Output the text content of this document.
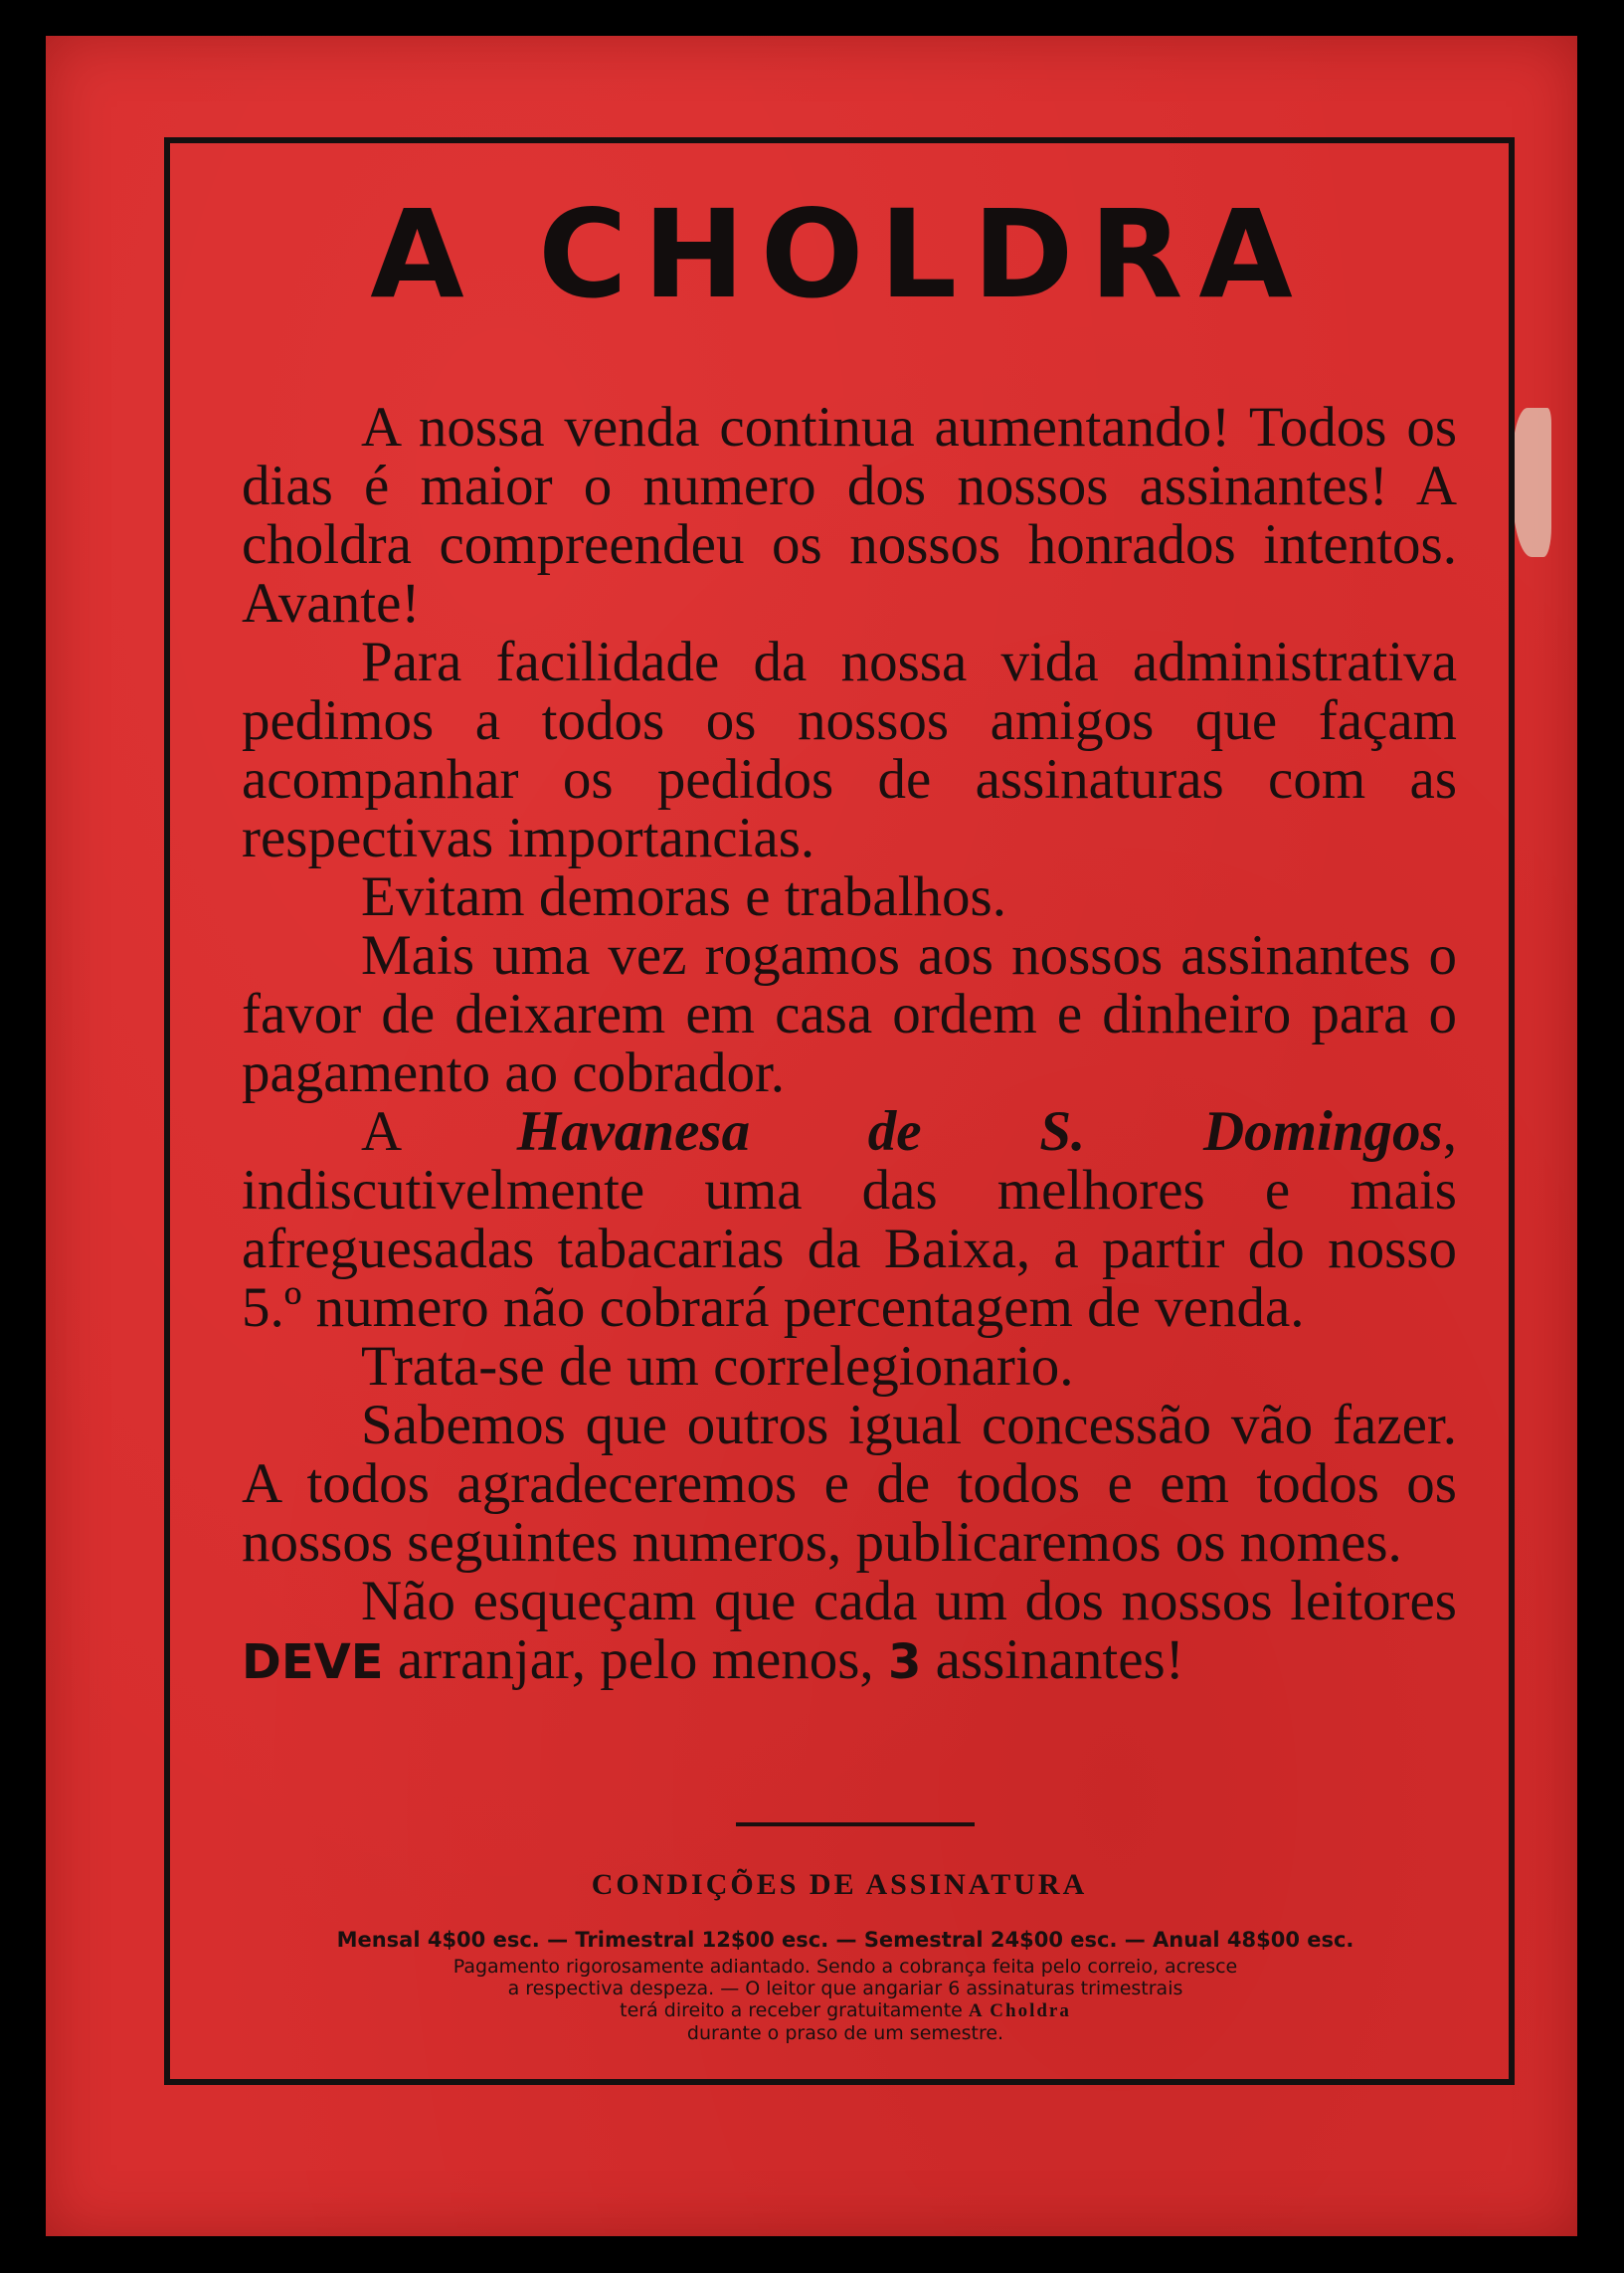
A CHOLDRA

A nossa venda continua aumentando! Todos os dias é maior o numero dos nossos assinantes! A choldra compreendeu os nossos honrados intentos. Avante!

Para facilidade da nossa vida administrativa pedimos a todos os nossos amigos que façam acompanhar os pedidos de assinaturas com as respectivas importancias.

Evitam demoras e trabalhos.

Mais uma vez rogamos aos nossos assinantes o favor de deixarem em casa ordem e dinheiro para o pagamento ao cobrador.

A Havanesa de S. Domingos, indiscutivelmente uma das melhores e mais afreguesadas tabacarias da Baixa, a partir do nosso 5.º numero não cobrará percentagem de venda.

Trata-se de um correlegionario.

Sabemos que outros igual concessão vão fazer. A todos agradeceremos e de todos e em todos os nossos seguintes numeros, publicaremos os nomes.

Não esqueçam que cada um dos nossos leitores DEVE arranjar, pelo menos, 3 assinantes!

CONDIÇÕES DE ASSINATURA
Mensal 4$00 esc. — Trimestral 12$00 esc. — Semestral 24$00 esc. — Anual 48$00 esc.
Pagamento rigorosamente adiantado. Sendo a cobrança feita pelo correio, acresce
a respectiva despeza. — O leitor que angariar 6 assinaturas trimestrais
terá direito a receber gratuitamente A Choldra
durante o praso de um semestre.
